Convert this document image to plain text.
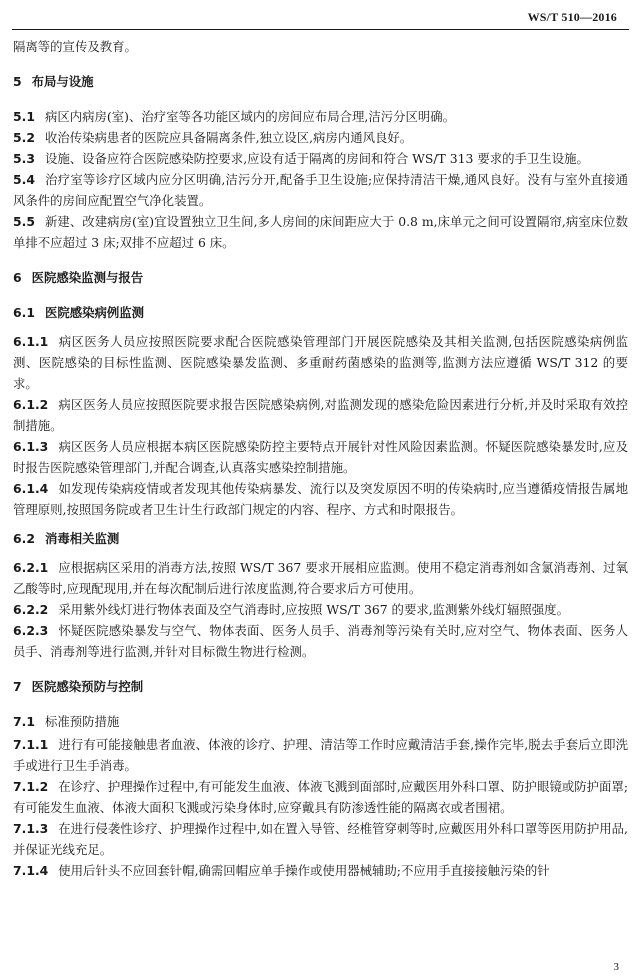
WS/T 510—2016

隔离等的宣传及教育。

5 布局与设施

5.1 病区内病房(室)、治疗室等各功能区域内的房间应布局合理,洁污分区明确。

5.2 收治传染病患者的医院应具备隔离条件,独立设区,病房内通风良好。

5.3 设施、设备应符合医院感染防控要求,应设有适于隔离的房间和符合 WS/T 313 要求的手卫生设施。

5.4 治疗室等诊疗区域内应分区明确,洁污分开,配备手卫生设施;应保持清洁干燥,通风良好。没有与室外直接通风条件的房间应配置空气净化装置。

5.5 新建、改建病房(室)宜设置独立卫生间,多人房间的床间距应大于 0.8 m,床单元之间可设置隔帘,病室床位数单排不应超过 3 床;双排不应超过 6 床。

6 医院感染监测与报告
6.1 医院感染病例监测

6.1.1 病区医务人员应按照医院要求配合医院感染管理部门开展医院感染及其相关监测,包括医院感染病例监测、医院感染的目标性监测、医院感染暴发监测、多重耐药菌感染的监测等,监测方法应遵循 WS/T 312 的要求。

6.1.2 病区医务人员应按照医院要求报告医院感染病例,对监测发现的感染危险因素进行分析,并及时采取有效控制措施。

6.1.3 病区医务人员应根据本病区医院感染防控主要特点开展针对性风险因素监测。怀疑医院感染暴发时,应及时报告医院感染管理部门,并配合调查,认真落实感染控制措施。

6.1.4 如发现传染病疫情或者发现其他传染病暴发、流行以及突发原因不明的传染病时,应当遵循疫情报告属地管理原则,按照国务院或者卫生计生行政部门规定的内容、程序、方式和时限报告。

6.2 消毒相关监测

6.2.1 应根据病区采用的消毒方法,按照 WS/T 367 要求开展相应监测。使用不稳定消毒剂如含氯消毒剂、过氧乙酸等时,应现配现用,并在每次配制后进行浓度监测,符合要求后方可使用。

6.2.2 采用紫外线灯进行物体表面及空气消毒时,应按照 WS/T 367 的要求,监测紫外线灯辐照强度。

6.2.3 怀疑医院感染暴发与空气、物体表面、医务人员手、消毒剂等污染有关时,应对空气、物体表面、医务人员手、消毒剂等进行监测,并针对目标微生物进行检测。

7 医院感染预防与控制
7.1 标准预防措施

7.1.1 进行有可能接触患者血液、体液的诊疗、护理、清洁等工作时应戴清洁手套,操作完毕,脱去手套后立即洗手或进行卫生手消毒。

7.1.2 在诊疗、护理操作过程中,有可能发生血液、体液飞溅到面部时,应戴医用外科口罩、防护眼镜或防护面罩;有可能发生血液、体液大面积飞溅或污染身体时,应穿戴具有防渗透性能的隔离衣或者围裙。

7.1.3 在进行侵袭性诊疗、护理操作过程中,如在置入导管、经椎管穿刺等时,应戴医用外科口罩等医用防护用品,并保证光线充足。

7.1.4 使用后针头不应回套针帽,确需回帽应单手操作或使用器械辅助;不应用手直接接触污染的针

3
